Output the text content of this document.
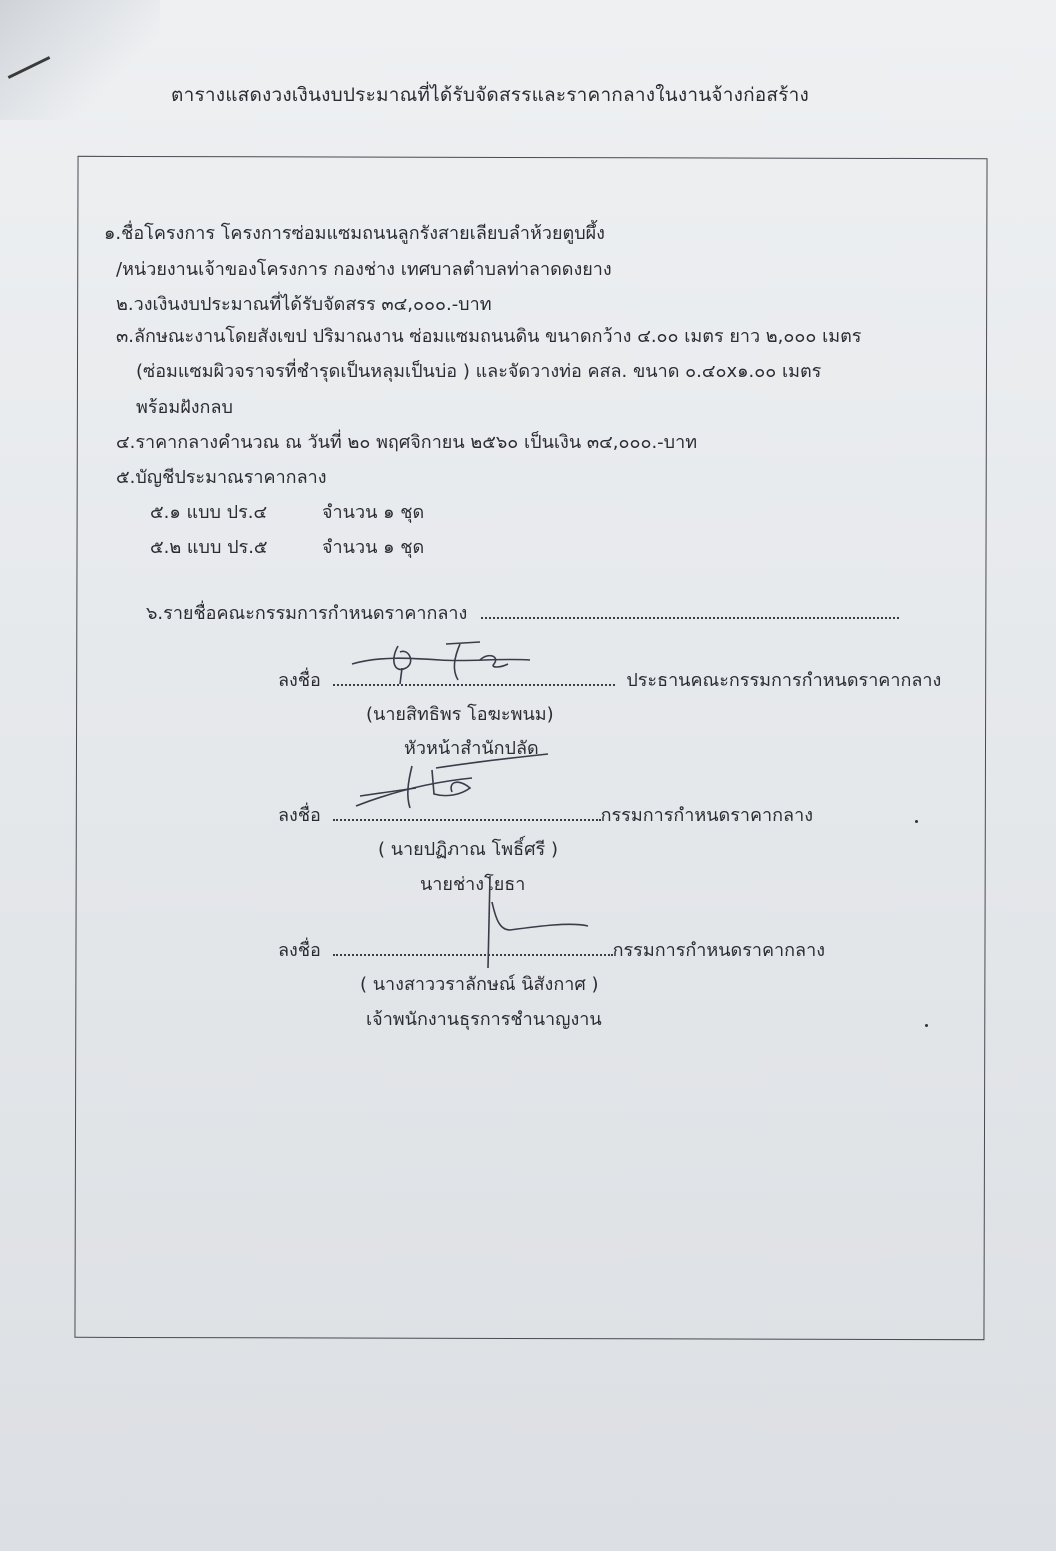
ตารางแสดงวงเงินงบประมาณที่ได้รับจัดสรรและราคากลางในงานจ้างก่อสร้าง
๑.ชื่อโครงการ โครงการซ่อมแซมถนนลูกรังสายเลียบลำห้วยตูบผึ้ง
/หน่วยงานเจ้าของโครงการ กองช่าง เทศบาลตำบลท่าลาดดงยาง
๒.วงเงินงบประมาณที่ได้รับจัดสรร ๓๔,๐๐๐.-บาท
๓.ลักษณะงานโดยสังเขป ปริมาณงาน ซ่อมแซมถนนดิน ขนาดกว้าง ๔.๐๐ เมตร ยาว ๒,๐๐๐ เมตร
(ซ่อมแซมผิวจราจรที่ชำรุดเป็นหลุมเป็นบ่อ ) และจัดวางท่อ คสล. ขนาด ๐.๔๐x๑.๐๐ เมตร
พร้อมฝังกลบ
๔.ราคากลางคำนวณ ณ วันที่ ๒๐ พฤศจิกายน ๒๕๖๐ เป็นเงิน ๓๔,๐๐๐.-บาท
๕.บัญชีประมาณราคากลาง
๕.๑ แบบ ปร.๔	จำนวน ๑ ชุด
๕.๒ แบบ ปร.๕	จำนวน ๑ ชุด
๖.รายชื่อคณะกรรมการกำหนดราคากลาง
ลงชื่อ	ประธานคณะกรรมการกำหนดราคากลาง
(นายสิทธิพร โอฆะพนม)
หัวหน้าสำนักปลัด
ลงชื่อ	กรรมการกำหนดราคากลาง
( นายปฏิภาณ โพธิ์ศรี )
นายช่างโยธา
ลงชื่อ	กรรมการกำหนดราคากลาง
( นางสาววราลักษณ์ นิสังกาศ )
เจ้าพนักงานธุรการชำนาญงาน
